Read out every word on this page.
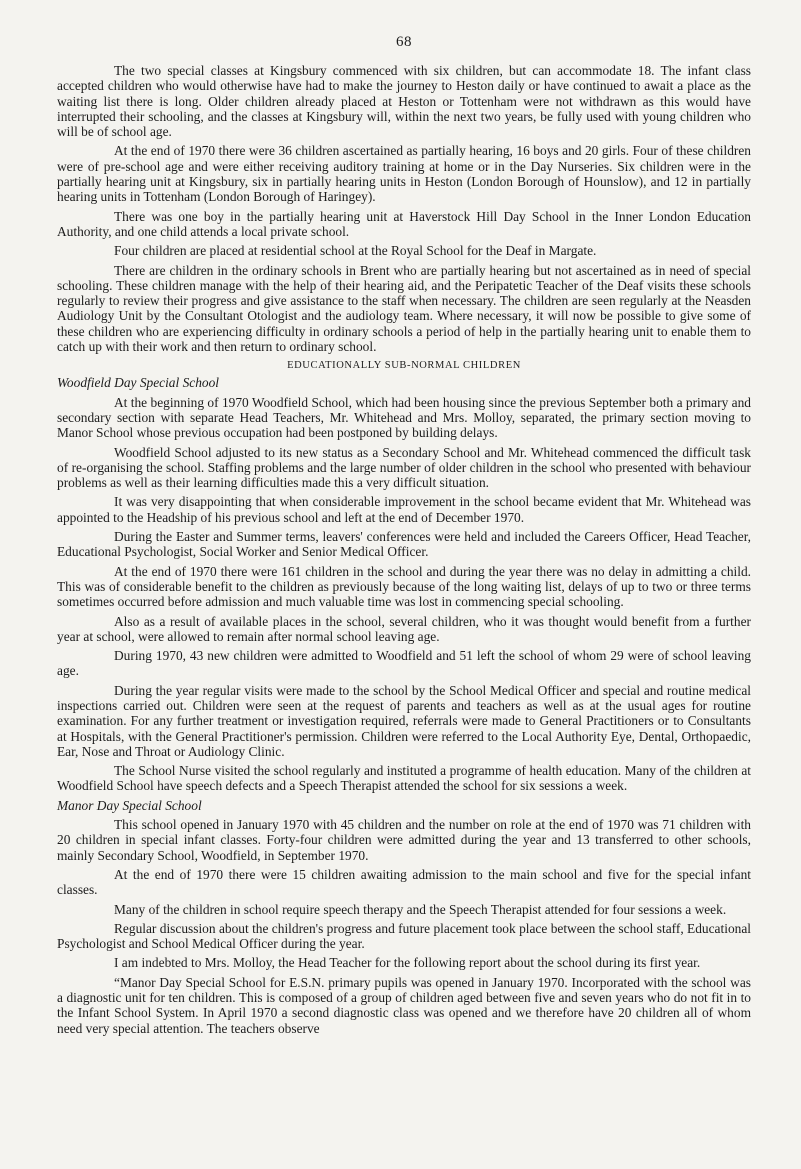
68

The two special classes at Kingsbury commenced with six children, but can accommodate 18. The infant class accepted children who would otherwise have had to make the journey to Heston daily or have continued to await a place as the waiting list there is long. Older children already placed at Heston or Tottenham were not withdrawn as this would have interrupted their schooling, and the classes at Kingsbury will, within the next two years, be fully used with young children who will be of school age.

At the end of 1970 there were 36 children ascertained as partially hearing, 16 boys and 20 girls. Four of these children were of pre-school age and were either receiving auditory training at home or in the Day Nurseries. Six children were in the partially hearing unit at Kingsbury, six in partially hearing units in Heston (London Borough of Hounslow), and 12 in partially hearing units in Tottenham (London Borough of Haringey).

There was one boy in the partially hearing unit at Haverstock Hill Day School in the Inner London Education Authority, and one child attends a local private school.

Four children are placed at residential school at the Royal School for the Deaf in Margate.

There are children in the ordinary schools in Brent who are partially hearing but not ascertained as in need of special schooling. These children manage with the help of their hearing aid, and the Peripatetic Teacher of the Deaf visits these schools regularly to review their progress and give assistance to the staff when necessary. The children are seen regularly at the Neasden Audiology Unit by the Consultant Otologist and the audiology team. Where necessary, it will now be possible to give some of these children who are experiencing difficulty in ordinary schools a period of help in the partially hearing unit to enable them to catch up with their work and then return to ordinary school.

EDUCATIONALLY SUB-NORMAL CHILDREN
Woodfield Day Special School

At the beginning of 1970 Woodfield School, which had been housing since the previous September both a primary and secondary section with separate Head Teachers, Mr. Whitehead and Mrs. Molloy, separated, the primary section moving to Manor School whose previous occupation had been postponed by building delays.

Woodfield School adjusted to its new status as a Secondary School and Mr. Whitehead commenced the difficult task of re-organising the school. Staffing problems and the large number of older children in the school who presented with behaviour problems as well as their learning difficulties made this a very difficult situation.

It was very disappointing that when considerable improvement in the school became evident that Mr. Whitehead was appointed to the Headship of his previous school and left at the end of December 1970.

During the Easter and Summer terms, leavers' conferences were held and included the Careers Officer, Head Teacher, Educational Psychologist, Social Worker and Senior Medical Officer.

At the end of 1970 there were 161 children in the school and during the year there was no delay in admitting a child. This was of considerable benefit to the children as previously because of the long waiting list, delays of up to two or three terms sometimes occurred before admission and much valuable time was lost in commencing special schooling.

Also as a result of available places in the school, several children, who it was thought would benefit from a further year at school, were allowed to remain after normal school leaving age.

During 1970, 43 new children were admitted to Woodfield and 51 left the school of whom 29 were of school leaving age.

During the year regular visits were made to the school by the School Medical Officer and special and routine medical inspections carried out. Children were seen at the request of parents and teachers as well as at the usual ages for routine examination. For any further treatment or investigation required, referrals were made to General Practitioners or to Consultants at Hospitals, with the General Practitioner's permission. Children were referred to the Local Authority Eye, Dental, Orthopaedic, Ear, Nose and Throat or Audiology Clinic.

The School Nurse visited the school regularly and instituted a programme of health education. Many of the children at Woodfield School have speech defects and a Speech Therapist attended the school for six sessions a week.

Manor Day Special School

This school opened in January 1970 with 45 children and the number on role at the end of 1970 was 71 children with 20 children in special infant classes. Forty-four children were admitted during the year and 13 transferred to other schools, mainly Secondary School, Woodfield, in September 1970.

At the end of 1970 there were 15 children awaiting admission to the main school and five for the special infant classes.

Many of the children in school require speech therapy and the Speech Therapist attended for four sessions a week.

Regular discussion about the children's progress and future placement took place between the school staff, Educational Psychologist and School Medical Officer during the year.

I am indebted to Mrs. Molloy, the Head Teacher for the following report about the school during its first year.

“Manor Day Special School for E.S.N. primary pupils was opened in January 1970. Incorporated with the school was a diagnostic unit for ten children. This is composed of a group of children aged between five and seven years who do not fit in to the Infant School System. In April 1970 a second diagnostic class was opened and we therefore have 20 children all of whom need very special attention. The teachers observe
